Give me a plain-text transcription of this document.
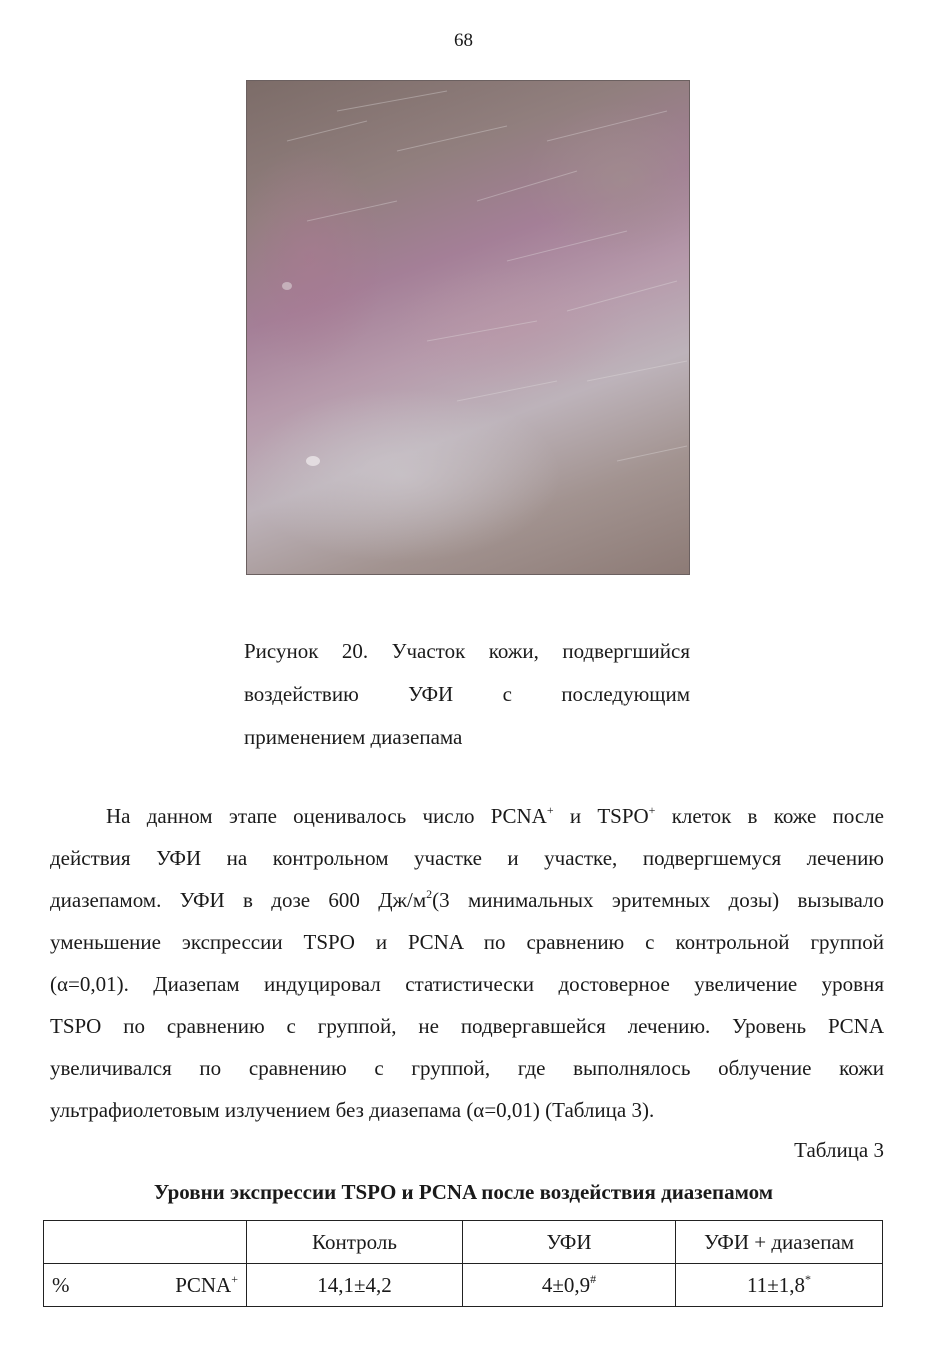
68
Рисунок 20. Участок кожи, подвергшийся
воздействию УФИ с последующим
применением диазепама
На данном этапе оценивалось число PCNA+ и TSPO+ клеток в коже после
действия УФИ на контрольном участке и участке, подвергшемуся лечению
диазепамом. УФИ в дозе 600 $Дж/м^2(3$ минимальных эритемных дозы) вызывало
уменьшение экспрессии TSPO и PCNA по сравнению с контрольной группой
(α=0,01). Диазепам индуцировал статистически достоверное увеличение уровня
TSPO по сравнению с группой, не подвергавшейся лечению. Уровень PCNA
увеличивался по сравнению с группой, где выполнялось облучение кожи
ультрафиолетовым излучением без диазепама (α=0,01) (Таблица 3).
Таблица 3
Уровни экспрессии TSPO и PCNA после воздействия диазепамом
	Контроль	УФИ	УФИ + диазепам

% PCNA+	14,1±4,2	4±0,9#	11±1,8*
